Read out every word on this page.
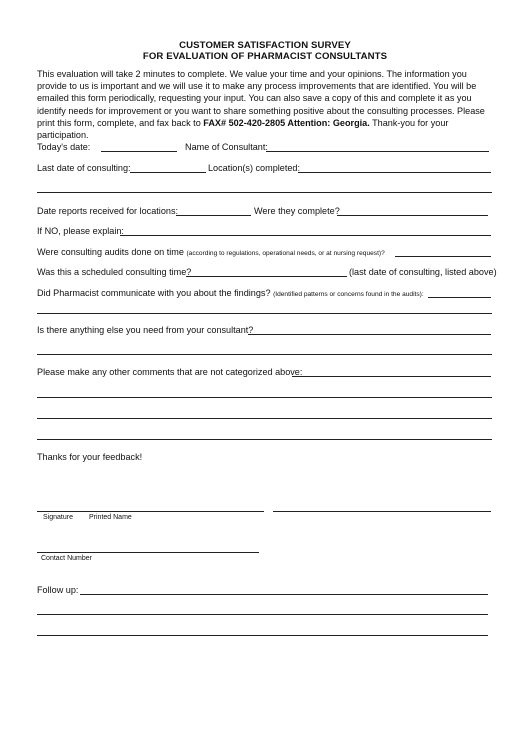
CUSTOMER SATISFACTION SURVEY
FOR EVALUATION OF PHARMACIST CONSULTANTS
This evaluation will take 2 minutes to complete. We value your time and your opinions. The information you provide to us is important and we will use it to make any process improvements that are identified. You will be emailed this form periodically, requesting your input. You can also save a copy of this and complete it as you identify needs for improvement or you want to share something positive about the consulting processes. Please print this form, complete, and fax back to FAX# 502-420-2805 Attention: Georgia. Thank-you for your participation.
Today's date:	Name of Consultant:
Last date of consulting:	Location(s) completed:
Date reports received for locations:	Were they complete?
If NO, please explain:
Were consulting audits done on time (according to regulations, operational needs, or at nursing request)?
Was this a scheduled consulting time?	(last date of consulting, listed above)
Did Pharmacist communicate with you about the findings? (Identified patterns or concerns found in the audits):
Is there anything else you need from your consultant?
Please make any other comments that are not categorized above:
Thanks for your feedback!
Signature Printed Name
Contact Number
Follow up:
